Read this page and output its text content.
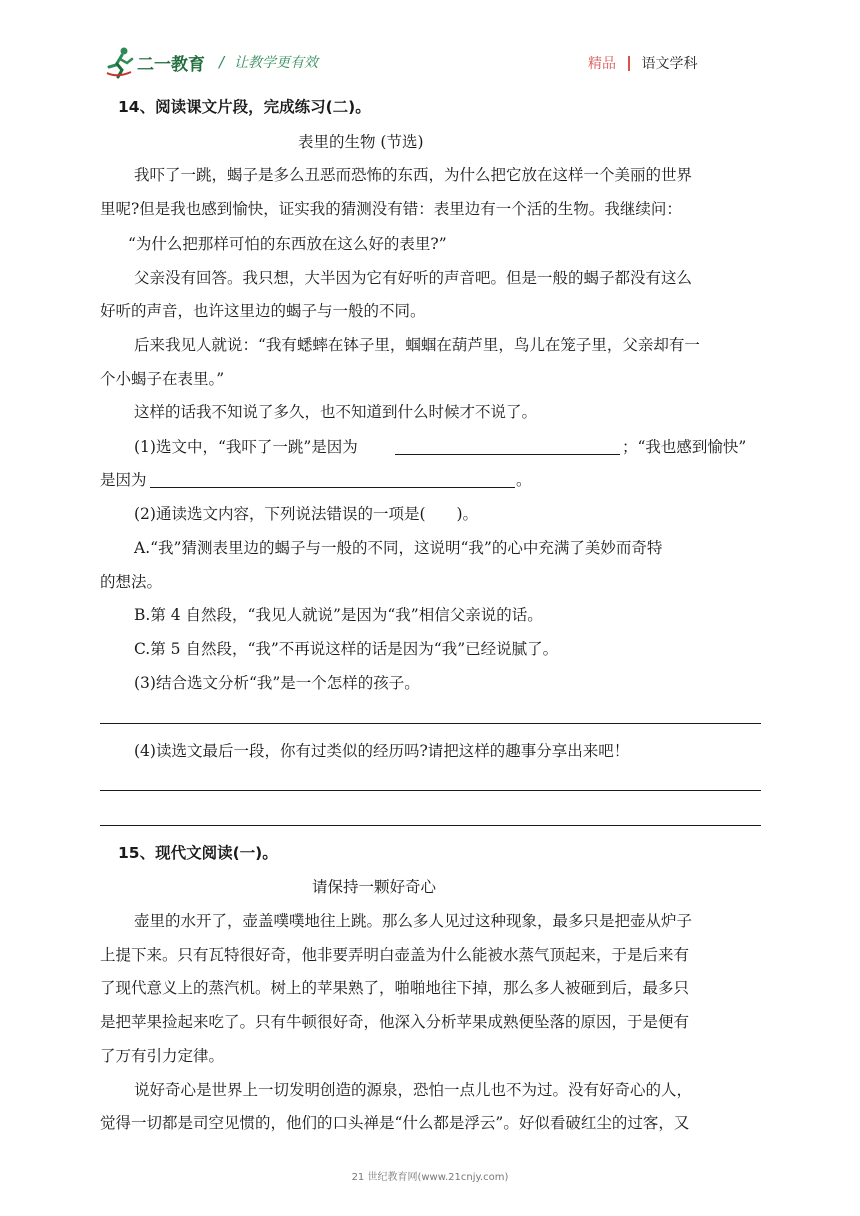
二一教育 / 让教学更有效	精品 语文学科
14、阅读课文片段，完成练习(二)。
表里的生物 (节选)
我吓了一跳，蝎子是多么丑恶而恐怖的东西，为什么把它放在这样一个美丽的世界
里呢?但是我也感到愉快，证实我的猜测没有错：表里边有一个活的生物。我继续问：
“为什么把那样可怕的东西放在这么好的表里?”
父亲没有回答。我只想，大半因为它有好听的声音吧。但是一般的蝎子都没有这么
好听的声音，也许这里边的蝎子与一般的不同。
后来我见人就说：“我有蟋蟀在钵子里，蝈蝈在葫芦里，鸟儿在笼子里，父亲却有一
个小蝎子在表里。”
这样的话我不知说了多久，也不知道到什么时候才不说了。
(1)选文中，“我吓了一跳”是因为	；“我也感到愉快”
是因为	。
(2)通读选文内容，下列说法错误的一项是(　　)。
A.“我”猜测表里边的蝎子与一般的不同，这说明“我”的心中充满了美妙而奇特
的想法。
B.第 4 自然段，“我见人就说”是因为“我”相信父亲说的话。
C.第 5 自然段，“我”不再说这样的话是因为“我”已经说腻了。
(3)结合选文分析“我”是一个怎样的孩子。
(4)读选文最后一段，你有过类似的经历吗?请把这样的趣事分享出来吧！
15、现代文阅读(一)。
请保持一颗好奇心
壶里的水开了，壶盖噗噗地往上跳。那么多人见过这种现象，最多只是把壶从炉子
上提下来。只有瓦特很好奇，他非要弄明白壶盖为什么能被水蒸气顶起来，于是后来有
了现代意义上的蒸汽机。树上的苹果熟了，啪啪地往下掉，那么多人被砸到后，最多只
是把苹果捡起来吃了。只有牛顿很好奇，他深入分析苹果成熟便坠落的原因，于是便有
了万有引力定律。
说好奇心是世界上一切发明创造的源泉，恐怕一点儿也不为过。没有好奇心的人，
觉得一切都是司空见惯的，他们的口头禅是“什么都是浮云”。好似看破红尘的过客，又
21 世纪教育网(www.21cnjy.com)
